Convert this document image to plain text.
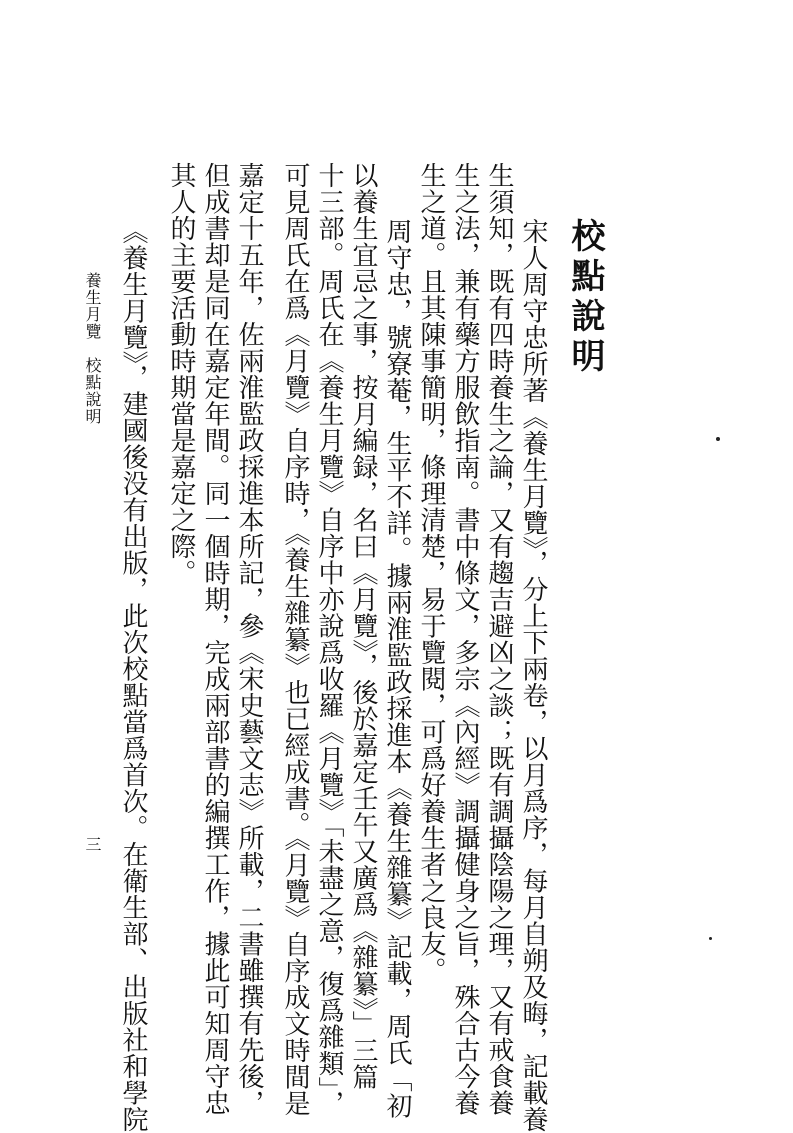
校點說明
宋人周守忠所著《養生月覽》，分上下兩卷，以月爲序，每月自朔及晦，記載養
生須知，既有四時養生之論，又有趨吉避凶之談；既有調攝陰陽之理，又有戒食養
生之法，兼有藥方服飲指南。書中條文，多宗《內經》調攝健身之旨，殊合古今養
生之道。且其陳事簡明，條理清楚，易于覽閱，可爲好養生者之良友。
周守忠，號寮菴，生平不詳。據兩淮監政採進本《養生雜纂》記載，周氏「初
以養生宜忌之事，按月編録，名曰《月覽》，後於嘉定壬午又廣爲《雜纂》」三篇
十三部。周氏在《養生月覽》自序中亦說爲收羅《月覽》「未盡之意，復爲雜類」，
可見周氏在爲《月覽》自序時，《養生雜纂》也已經成書。《月覽》自序成文時間是
嘉定十五年，佐兩淮監政採進本所記，參《宋史藝文志》所載，二書雖撰有先後，
但成書却是同在嘉定年間。同一個時期，完成兩部書的編撰工作，據此可知周守忠
其人的主要活動時期當是嘉定之際。
《養生月覽》，建國後没有出版，此次校點當爲首次。在衛生部、出版社和學院
養生月覽　校點說明
三
